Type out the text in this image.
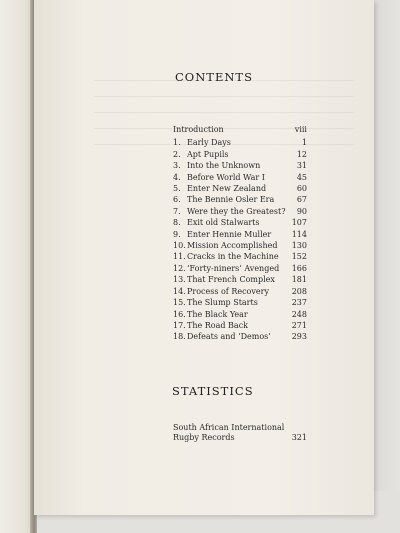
CONTENTS
Introduction	viii
1. Early Days	1
2. Apt Pupils	12
3. Into the Unknown	31
4. Before World War I	45
5. Enter New Zealand	60
6. The Bennie Osler Era	67
7. Were they the Greatest?	90
8. Exit old Stalwarts	107
9. Enter Hennie Muller	114
10. Mission Accomplished	130
11. Cracks in the Machine	152
12. ‘Forty-niners’ Avenged	166
13. That French Complex	181
14. Process of Recovery	208
15. The Slump Starts	237
16. The Black Year	248
17. The Road Back	271
18. Defeats and ‘Demos’	293
STATISTICS
South African International Rugby Records	321
